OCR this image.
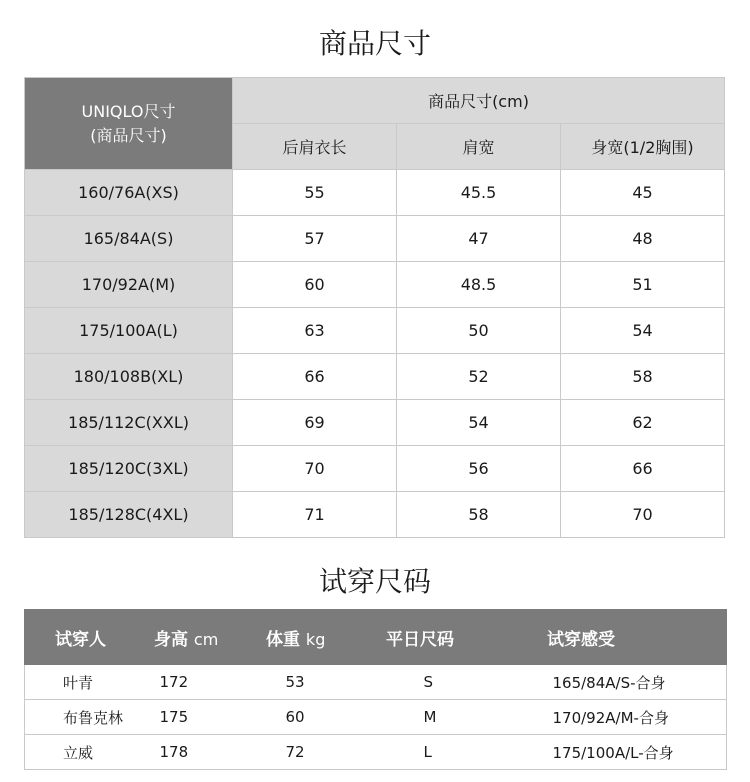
商品尺寸
UNIQLO尺寸
(商品尺寸)	商品尺寸(cm)		
	后肩衣长	肩宽	身宽(1/2胸围)
160/76A(XS)	55	45.5	45
165/84A(S)	57	47	48
170/92A(M)	60	48.5	51
175/100A(L)	63	50	54
180/108B(XL)	66	52	58
185/112C(XXL)	69	54	62
185/120C(3XL)	70	56	66
185/128C(4XL)	71	58	70
试穿尺码
试穿人	身高 cm	体重 kg	平日尺码	试穿感受
叶青	172	53	S	165/84A/S-合身
布鲁克林	175	60	M	170/92A/M-合身
立威	178	72	L	175/100A/L-合身
